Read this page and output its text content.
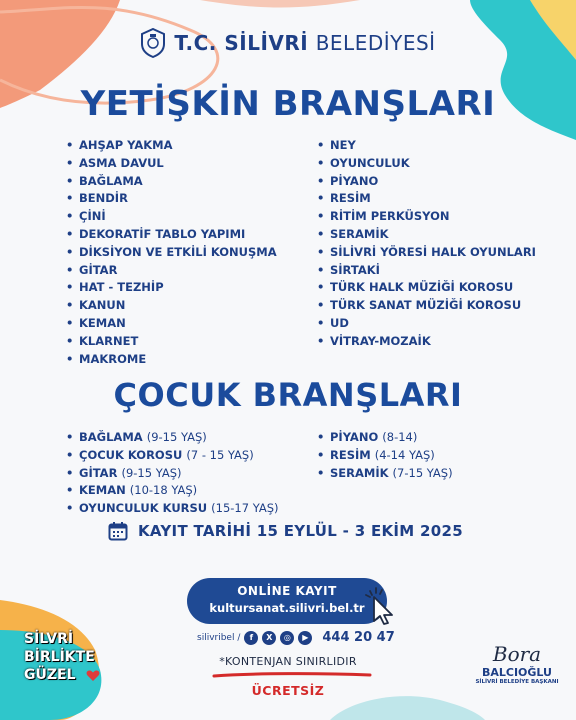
T.C. SİLİVRİ BELEDİYESİ
YETİŞKİN BRANŞLARI
• AHŞAP YAKMA
• ASMA DAVUL
• BAĞLAMA
• BENDİR
• ÇİNİ
• DEKORATİF TABLO YAPIMI
• DİKSİYON VE ETKİLİ KONUŞMA
• GİTAR
• HAT - TEZHİP
• KANUN
• KEMAN
• KLARNET
• MAKROME
• NEY
• OYUNCULUK
• PİYANO
• RESİM
• RİTİM PERKÜSYON
• SERAMİK
• SİLİVRİ YÖRESİ HALK OYUNLARI
• SİRTAKİ
• TÜRK HALK MÜZİĞİ KOROSU
• TÜRK SANAT MÜZİĞİ KOROSU
• UD
• VİTRAY-MOZAİK
ÇOCUK BRANŞLARI
• BAĞLAMA (9-15 YAŞ)
• ÇOCUK KOROSU (7 - 15 YAŞ)
• GİTAR (9-15 YAŞ)
• KEMAN (10-18 YAŞ)
• OYUNCULUK KURSU (15-17 YAŞ)
• PİYANO (8-14)
• RESİM (4-14 YAŞ)
• SERAMİK (7-15 YAŞ)
KAYIT TARİHİ 15 EYLÜL - 3 EKİM 2025
ONLİNE KAYIT
kultursanat.silivri.bel.tr
silivribel /	f	X	◎	▶	444 20 47
*KONTENJAN SINIRLIDIR
ÜCRETSİZ
SİLVRİ
BİRLİKTE
GÜZEL
Bora
BALCIOĞLU
SİLİVRİ BELEDİYE BAŞKANI
